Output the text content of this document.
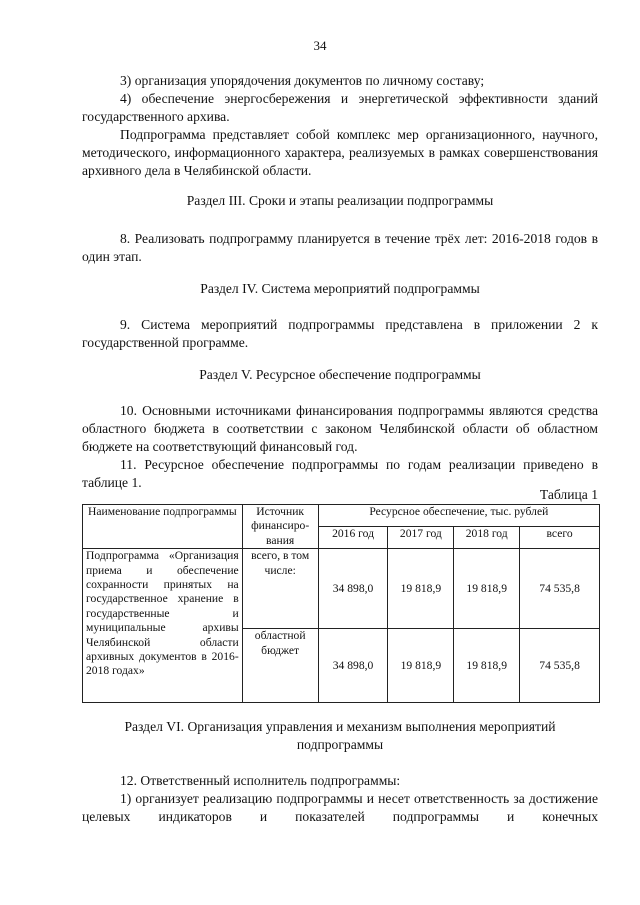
34

3) организация упорядочения документов по личному составу;

4) обеспечение энергосбережения и энергетической эффективности зданий государственного архива.

Подпрограмма представляет собой комплекс мер организационного, научного, методического, информационного характера, реализуемых в рамках совершенствования архивного дела в Челябинской области.

Раздел III. Сроки и этапы реализации подпрограммы

8. Реализовать подпрограмму планируется в течение трёх лет: 2016-2018 годов в один этап.

Раздел IV. Система мероприятий подпрограммы

9. Система мероприятий подпрограммы представлена в приложении 2 к государственной программе.

Раздел V. Ресурсное обеспечение подпрограммы

10. Основными источниками финансирования подпрограммы являются средства областного бюджета в соответствии с законом Челябинской области об областном бюджете на соответствующий финансовый год.

11. Ресурсное обеспечение подпрограммы по годам реализации приведено в таблице 1.

Таблица 1
Наименование подпрограммы	Источник финансиро-вания	Ресурсное обеспечение, тыс. рублей			
		2016 год	2017 год	2018 год	всего

Подпрограмма «Организация приема и обеспечение сохранности принятых на государственное хранение в государственные и муниципальные архивы Челябинской области архивных документов в 2016-2018 годах»	всего, в том числе:	34 898,0	19 818,9	19 818,9	74 535,8
	областной бюджет	34 898,0	19 818,9	19 818,9	74 535,8

Раздел VI. Организация управления и механизм выполнения мероприятий подпрограммы

12. Ответственный исполнитель подпрограммы:

1) организует реализацию подпрограммы и несет ответственность за достижение целевых индикаторов и показателей подпрограммы и конечных
